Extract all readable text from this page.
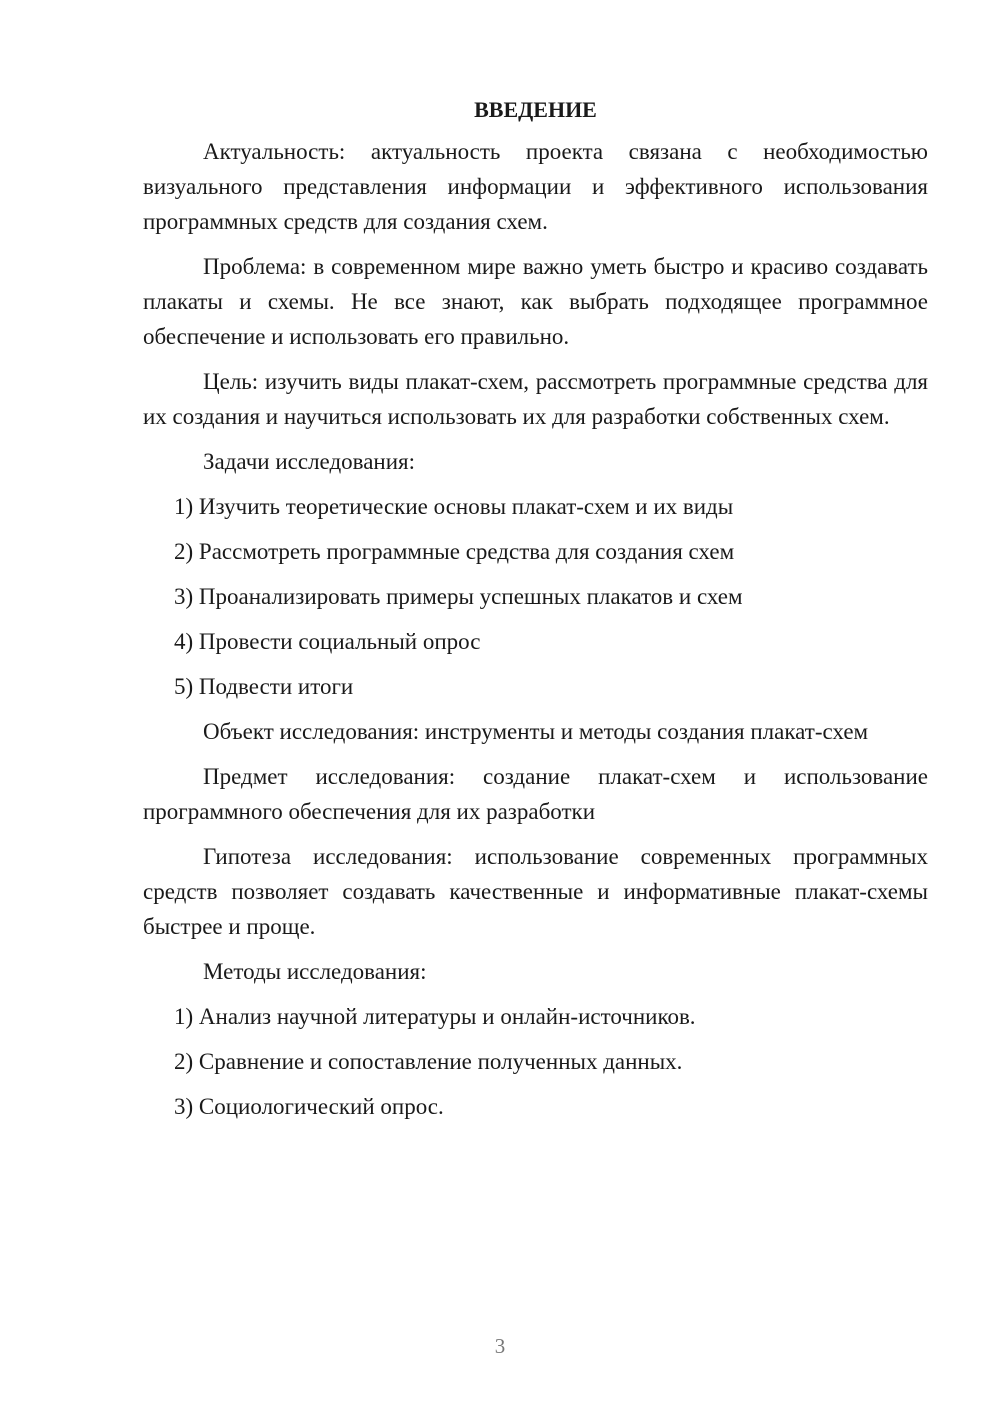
ВВЕДЕНИЕ
Актуальность: актуальность проекта связана с необходимостью визуального представления информации и эффективного использования программных средств для создания схем.
Проблема: в современном мире важно уметь быстро и красиво создавать плакаты и схемы. Не все знают, как выбрать подходящее программное обеспечение и использовать его правильно.
Цель: изучить виды плакат-схем, рассмотреть программные средства для их создания и научиться использовать их для разработки собственных схем.
Задачи исследования:
1) Изучить теоретические основы плакат-схем и их виды
2) Рассмотреть программные средства для создания схем
3) Проанализировать примеры успешных плакатов и схем
4) Провести социальный опрос
5) Подвести итоги
Объект исследования: инструменты и методы создания плакат-схем
Предмет исследования: создание плакат-схем и использование программного обеспечения для их разработки
Гипотеза исследования: использование современных программных средств позволяет создавать качественные и информативные плакат-схемы быстрее и проще.
Методы исследования:
1) Анализ научной литературы и онлайн-источников.
2) Сравнение и сопоставление полученных данных.
3) Социологический опрос.
3
